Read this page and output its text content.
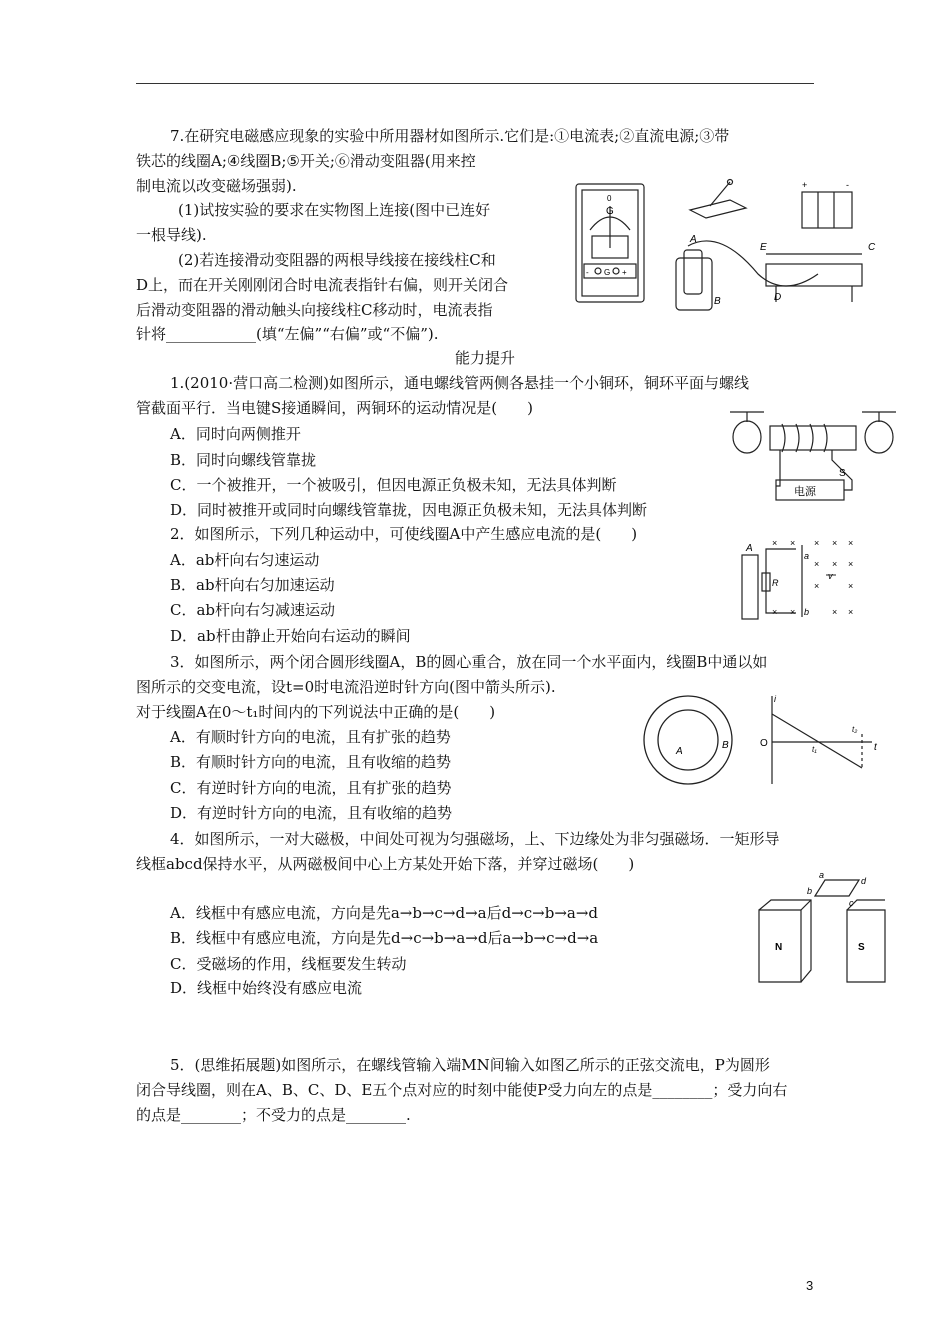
7.在研究电磁感应现象的实验中所用器材如图所示.它们是:①电流表;②直流电源;③带
铁芯的线圈A;④线圈B;⑤开关;⑥滑动变阻器(用来控
制电流以改变磁场强弱).
(1)试按实验的要求在实物图上连接(图中已连好
一根导线).
(2)若连接滑动变阻器的两根导线接在接线柱C和
D上，而在开关刚刚闭合时电流表指针右偏，则开关闭合
后滑动变阻器的滑动触头向接线柱C移动时，电流表指
针将____________(填“左偏”“右偏”或“不偏”).
0
G
- G +
+	-
A
B
E	C
D
能力提升
1.(2010·营口高二检测)如图所示，通电螺线管两侧各悬挂一个小铜环，铜环平面与螺线
管截面平行．当电键S接通瞬间，两铜环的运动情况是(　　)
A．同时向两侧推开
B．同时向螺线管靠拢
C．一个被推开，一个被吸引，但因电源正负极未知，无法具体判断
D．同时被推开或同时向螺线管靠拢，因电源正负极未知，无法具体判断
S
电源
2．如图所示，下列几种运动中，可使线圈A中产生感应电流的是(　　)
A．ab杆向右匀速运动
B．ab杆向右匀加速运动
C．ab杆向右匀减速运动
D．ab杆由静止开始向右运动的瞬间
A
a
b
R
v
× × × × ×
× × ×
×	×
× ×	× ×
3．如图所示，两个闭合圆形线圈A，B的圆心重合，放在同一个水平面内，线圈B中通以如
图所示的交变电流，设t=0时电流沿逆时针方向(图中箭头所示).
对于线圈A在0～t₁时间内的下列说法中正确的是(　　)
A．有顺时针方向的电流，且有扩张的趋势
B．有顺时针方向的电流，且有收缩的趋势
C．有逆时针方向的电流，且有扩张的趋势
D．有逆时针方向的电流，且有收缩的趋势
A
B
i
O	t
t₁
t₂
4．如图所示，一对大磁极，中间处可视为匀强磁场，上、下边缘处为非匀强磁场．一矩形导
线框abcd保持水平，从两磁极间中心上方某处开始下落，并穿过磁场(　　)
A．线框中有感应电流，方向是先a→b→c→d→a后d→c→b→a→d
B．线框中有感应电流，方向是先d→c→b→a→d后a→b→c→d→a
C．受磁场的作用，线框要发生转动
D．线框中始终没有感应电流
N	S
a
b
c
d
5．(思维拓展题)如图所示，在螺线管输入端MN间输入如图乙所示的正弦交流电，P为圆形
闭合导线圈，则在A、B、C、D、E五个点对应的时刻中能使P受力向左的点是________；受力向右
的点是________；不受力的点是________.
3
